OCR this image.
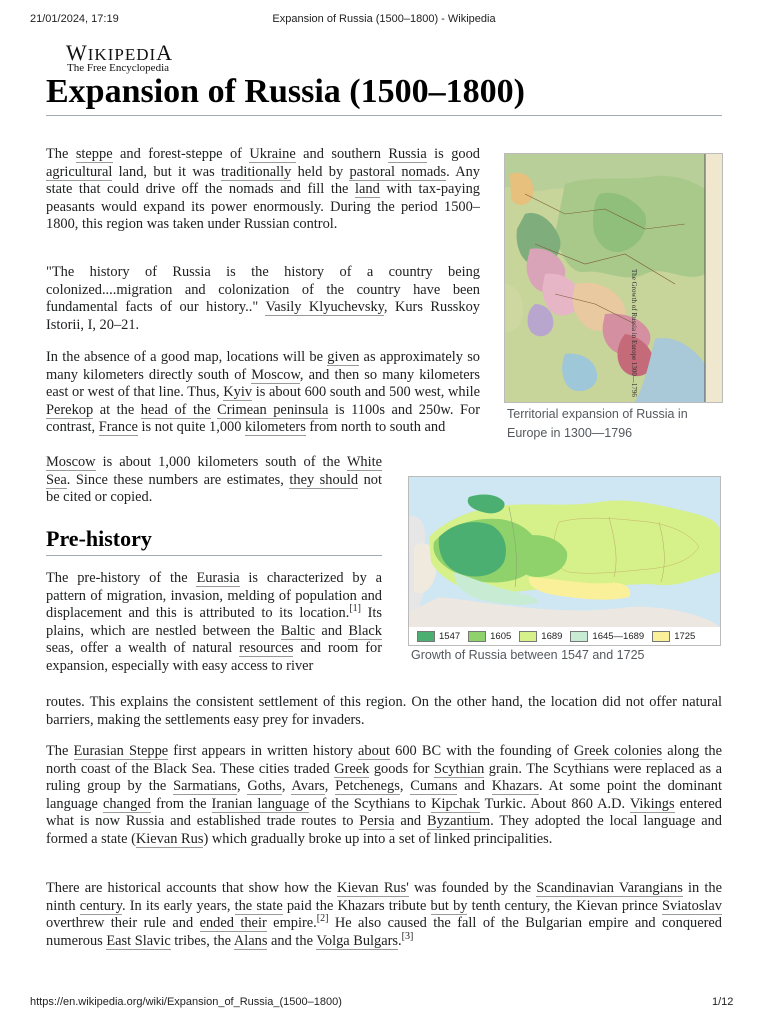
21/01/2024, 17:19	Expansion of Russia (1500–1800) - Wikipedia
WIKIPEDIA
The Free Encyclopedia
Expansion of Russia (1500–1800)

The steppe and forest-steppe of Ukraine and southern Russia is good agricultural land, but it was traditionally held by pastoral nomads. Any state that could drive off the nomads and fill the land with tax-paying peasants would expand its power enormously. During the period 1500–1800, this region was taken under Russian control.

"The history of Russia is the history of a country being colonized....migration and colonization of the country have been fundamental facts of our history.." Vasily Klyuchevsky, Kurs Russkoy Istorii, I, 20–21.

In the absence of a good map, locations will be given as approximately so many kilometers directly south of Moscow, and then so many kilometers east or west of that line. Thus, Kyiv is about 600 south and 500 west, while Perekop at the head of the Crimean peninsula is 1100s and 250w. For contrast, France is not quite 1,000 kilometers from north to south and

Moscow is about 1,000 kilometers south of the White Sea. Since these numbers are estimates, they should not be cited or copied.

The Growth of Russia in Europe 1300—1796
Territorial expansion of Russia in Europe in 1300—1796
Pre-history

The pre-history of the Eurasia is characterized by a pattern of migration, invasion, melding of population and displacement and this is attributed to its location.[1] Its plains, which are nestled between the Baltic and Black seas, offer a wealth of natural resources and room for expansion, especially with easy access to river

1547	1605	1689	1645—1689	1725
Growth of Russia between 1547 and 1725

routes. This explains the consistent settlement of this region. On the other hand, the location did not offer natural barriers, making the settlements easy prey for invaders.

The Eurasian Steppe first appears in written history about 600 BC with the founding of Greek colonies along the north coast of the Black Sea. These cities traded Greek goods for Scythian grain. The Scythians were replaced as a ruling group by the Sarmatians, Goths, Avars, Petchenegs, Cumans and Khazars. At some point the dominant language changed from the Iranian language of the Scythians to Kipchak Turkic. About 860 A.D. Vikings entered what is now Russia and established trade routes to Persia and Byzantium. They adopted the local language and formed a state (Kievan Rus) which gradually broke up into a set of linked principalities.

There are historical accounts that show how the Kievan Rus' was founded by the Scandinavian Varangians in the ninth century. In its early years, the state paid the Khazars tribute but by tenth century, the Kievan prince Sviatoslav overthrew their rule and ended their empire.[2] He also caused the fall of the Bulgarian empire and conquered numerous East Slavic tribes, the Alans and the Volga Bulgars.[3]

https://en.wikipedia.org/wiki/Expansion_of_Russia_(1500–1800)	1/12
